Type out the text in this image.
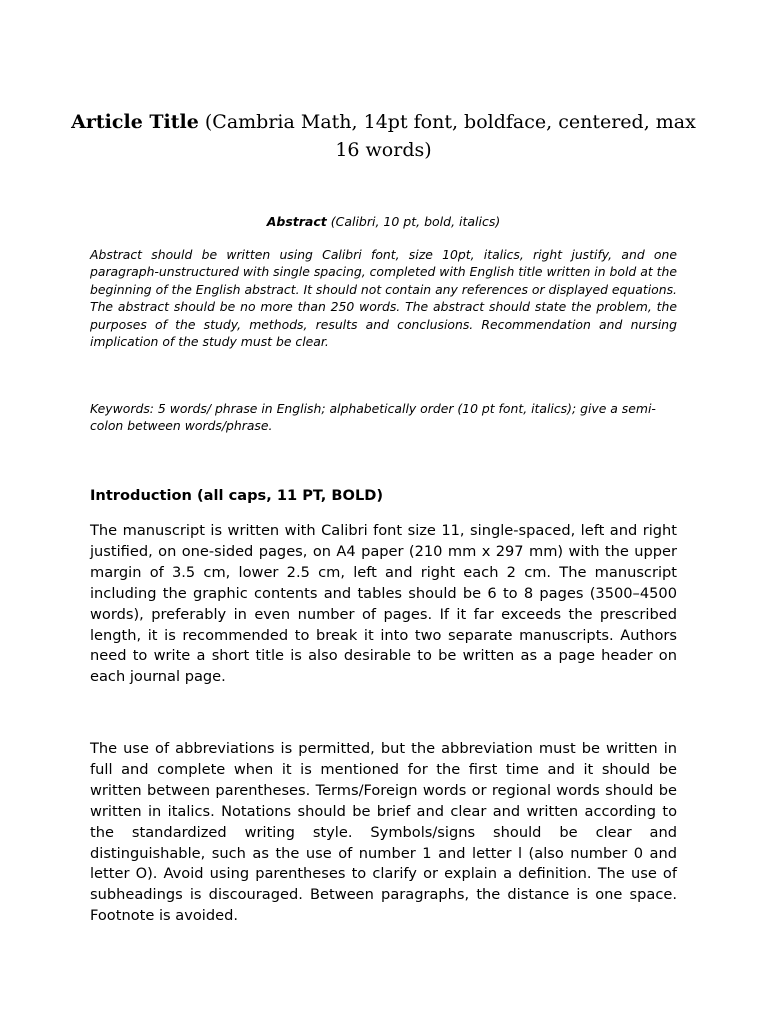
Article Title (Cambria Math, 14pt font, boldface, centered, max 16 words)
Abstract (Calibri, 10 pt, bold, italics)
Abstract should be written using Calibri font, size 10pt, italics, right justify, and one paragraph-unstructured with single spacing, completed with English title written in bold at the beginning of the English abstract. It should not contain any references or displayed equations. The abstract should be no more than 250 words. The abstract should state the problem, the purposes of the study, methods, results and conclusions. Recommendation and nursing implication of the study must be clear.
Keywords: 5 words/ phrase in English; alphabetically order (10 pt font, italics); give a semi-colon between words/phrase.
Introduction (all caps, 11 PT, BOLD)
The manuscript is written with Calibri font size 11, single-spaced, left and right justified, on one-sided pages, on A4 paper (210 mm x 297 mm) with the upper margin of 3.5 cm, lower 2.5 cm, left and right each 2 cm. The manuscript including the graphic contents and tables should be 6 to 8 pages (3500–4500 words), preferably in even number of pages. If it far exceeds the prescribed length, it is recommended to break it into two separate manuscripts. Authors need to write a short title is also desirable to be written as a page header on each journal page.
The use of abbreviations is permitted, but the abbreviation must be written in full and complete when it is mentioned for the first time and it should be written between parentheses. Terms/Foreign words or regional words should be written in italics. Notations should be brief and clear and written according to the standardized writing style. Symbols/signs should be clear and distinguishable, such as the use of number 1 and letter l (also number 0 and letter O). Avoid using parentheses to clarify or explain a definition. The use of subheadings is discouraged. Between paragraphs, the distance is one space. Footnote is avoided.
